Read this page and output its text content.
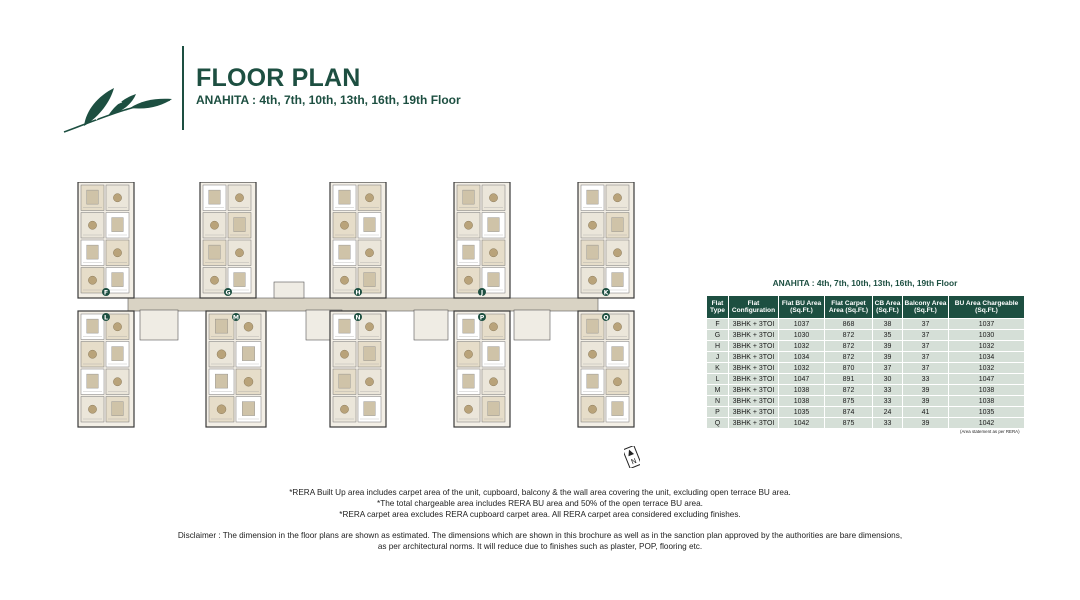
FLOOR PLAN
ANAHITA : 4th, 7th, 10th, 13th, 16th, 19th Floor
F	G	H	J	K
L	M	N	P	Q
N
ANAHITA : 4th, 7th, 10th, 13th, 16th, 19th Floor
Flat Type	Flat Configuration	Flat BU Area (Sq.Ft.)	Flat Carpet Area (Sq.Ft.)	CB Area (Sq.Ft.)	Balcony Area (Sq.Ft.)	BU Area Chargeable (Sq.Ft.)
F	3BHK + 3TOI	1037	868	38	37	1037
G	3BHK + 3TOI	1030	872	35	37	1030
H	3BHK + 3TOI	1032	872	39	37	1032
J	3BHK + 3TOI	1034	872	39	37	1034
K	3BHK + 3TOI	1032	870	37	37	1032
L	3BHK + 3TOI	1047	891	30	33	1047
M	3BHK + 3TOI	1038	872	33	39	1038
N	3BHK + 3TOI	1038	875	33	39	1038
P	3BHK + 3TOI	1035	874	24	41	1035
Q	3BHK + 3TOI	1042	875	33	39	1042
(Area statement as per RERA)
*RERA Built Up area includes carpet area of the unit, cupboard, balcony & the wall area covering the unit, excluding open terrace BU area.
*The total chargeable area includes RERA BU area and 50% of the open terrace BU area.
*RERA carpet area excludes RERA cupboard carpet area. All RERA carpet area considered excluding finishes.
Disclaimer : The dimension in the floor plans are shown as estimated. The dimensions which are shown in this brochure as well as in the sanction plan approved by the authorities are bare dimensions,
as per architectural norms. It will reduce due to finishes such as plaster, POP, flooring etc.
